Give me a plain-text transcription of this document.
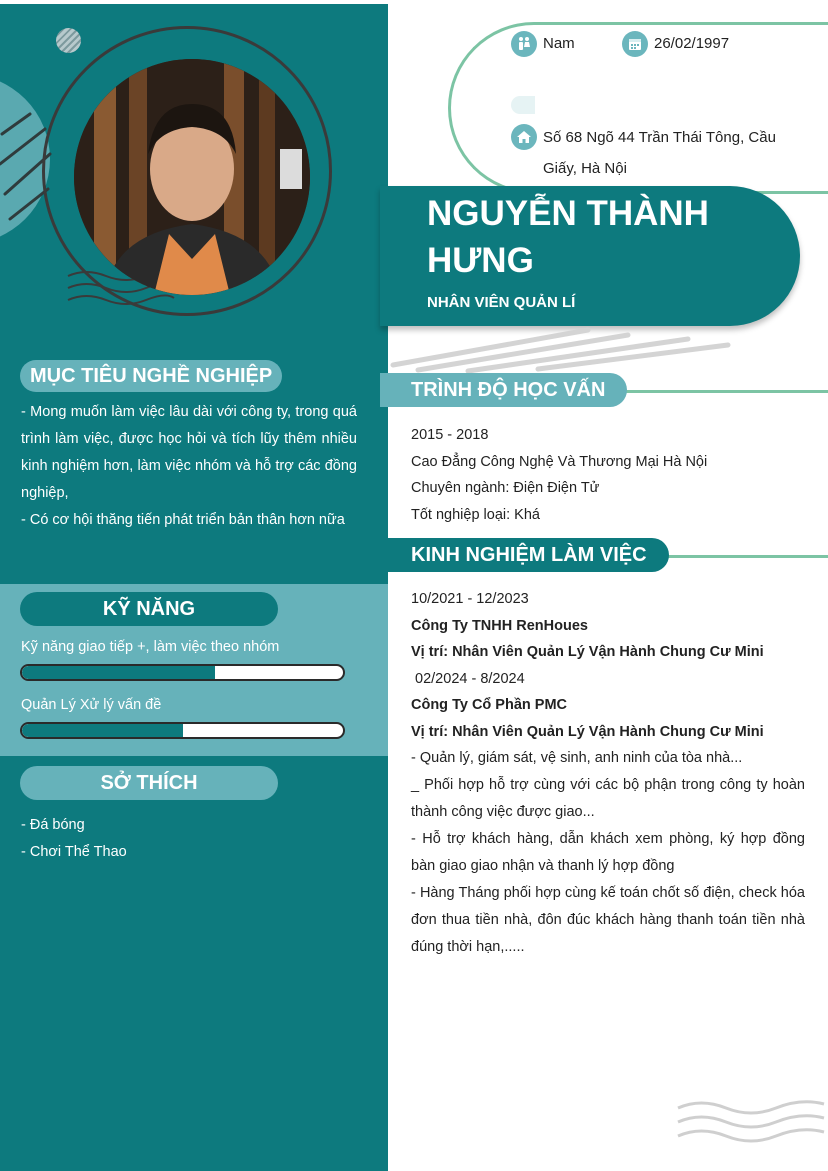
MỤC TIÊU NGHỀ NGHIỆP

- Mong muốn làm việc lâu dài với công ty, trong quá trình làm việc, được học hỏi và tích lũy thêm nhiều kinh nghiệm hơn, làm việc nhóm và hỗ trợ các đồng nghiệp,

- Có cơ hội thăng tiến phát triển bản thân hơn nữa

KỸ NĂNG
Kỹ năng giao tiếp +, làm việc theo nhóm
Quản Lý Xử lý vấn đề
SỞ THÍCH
- Đá bóng
- Chơi Thể Thao
Nam	26/02/1997
Số 68 Ngõ 44 Trần Thái Tông, Cầu Giấy, Hà Nội
NGUYỄN THÀNH HƯNG
NHÂN VIÊN QUẢN LÍ
TRÌNH ĐỘ HỌC VẤN
2015 - 2018
Cao Đẳng Công Nghệ Và Thương Mại Hà Nội
Chuyên ngành: Điện Điện Tử
Tốt nghiệp loại: Khá
KINH NGHIỆM LÀM VIỆC
10/2021 - 12/2023
Công Ty TNHH RenHoues
Vị trí: Nhân Viên Quản Lý Vận Hành Chung Cư Mini
02/2024 - 8/2024
Công Ty Cổ Phần PMC
Vị trí: Nhân Viên Quản Lý Vận Hành Chung Cư Mini

- Quản lý, giám sát, vệ sinh, anh ninh của tòa nhà...

_ Phối hợp hỗ trợ cùng với các bộ phận trong công ty hoàn thành công việc được giao...

- Hỗ trợ khách hàng, dẫn khách xem phòng, ký hợp đồng bàn giao giao nhận và thanh lý hợp đồng

- Hàng Tháng phối hợp cùng kế toán chốt số điện, check hóa đơn thua tiền nhà, đôn đúc khách hàng thanh toán tiền nhà đúng thời hạn,.....
